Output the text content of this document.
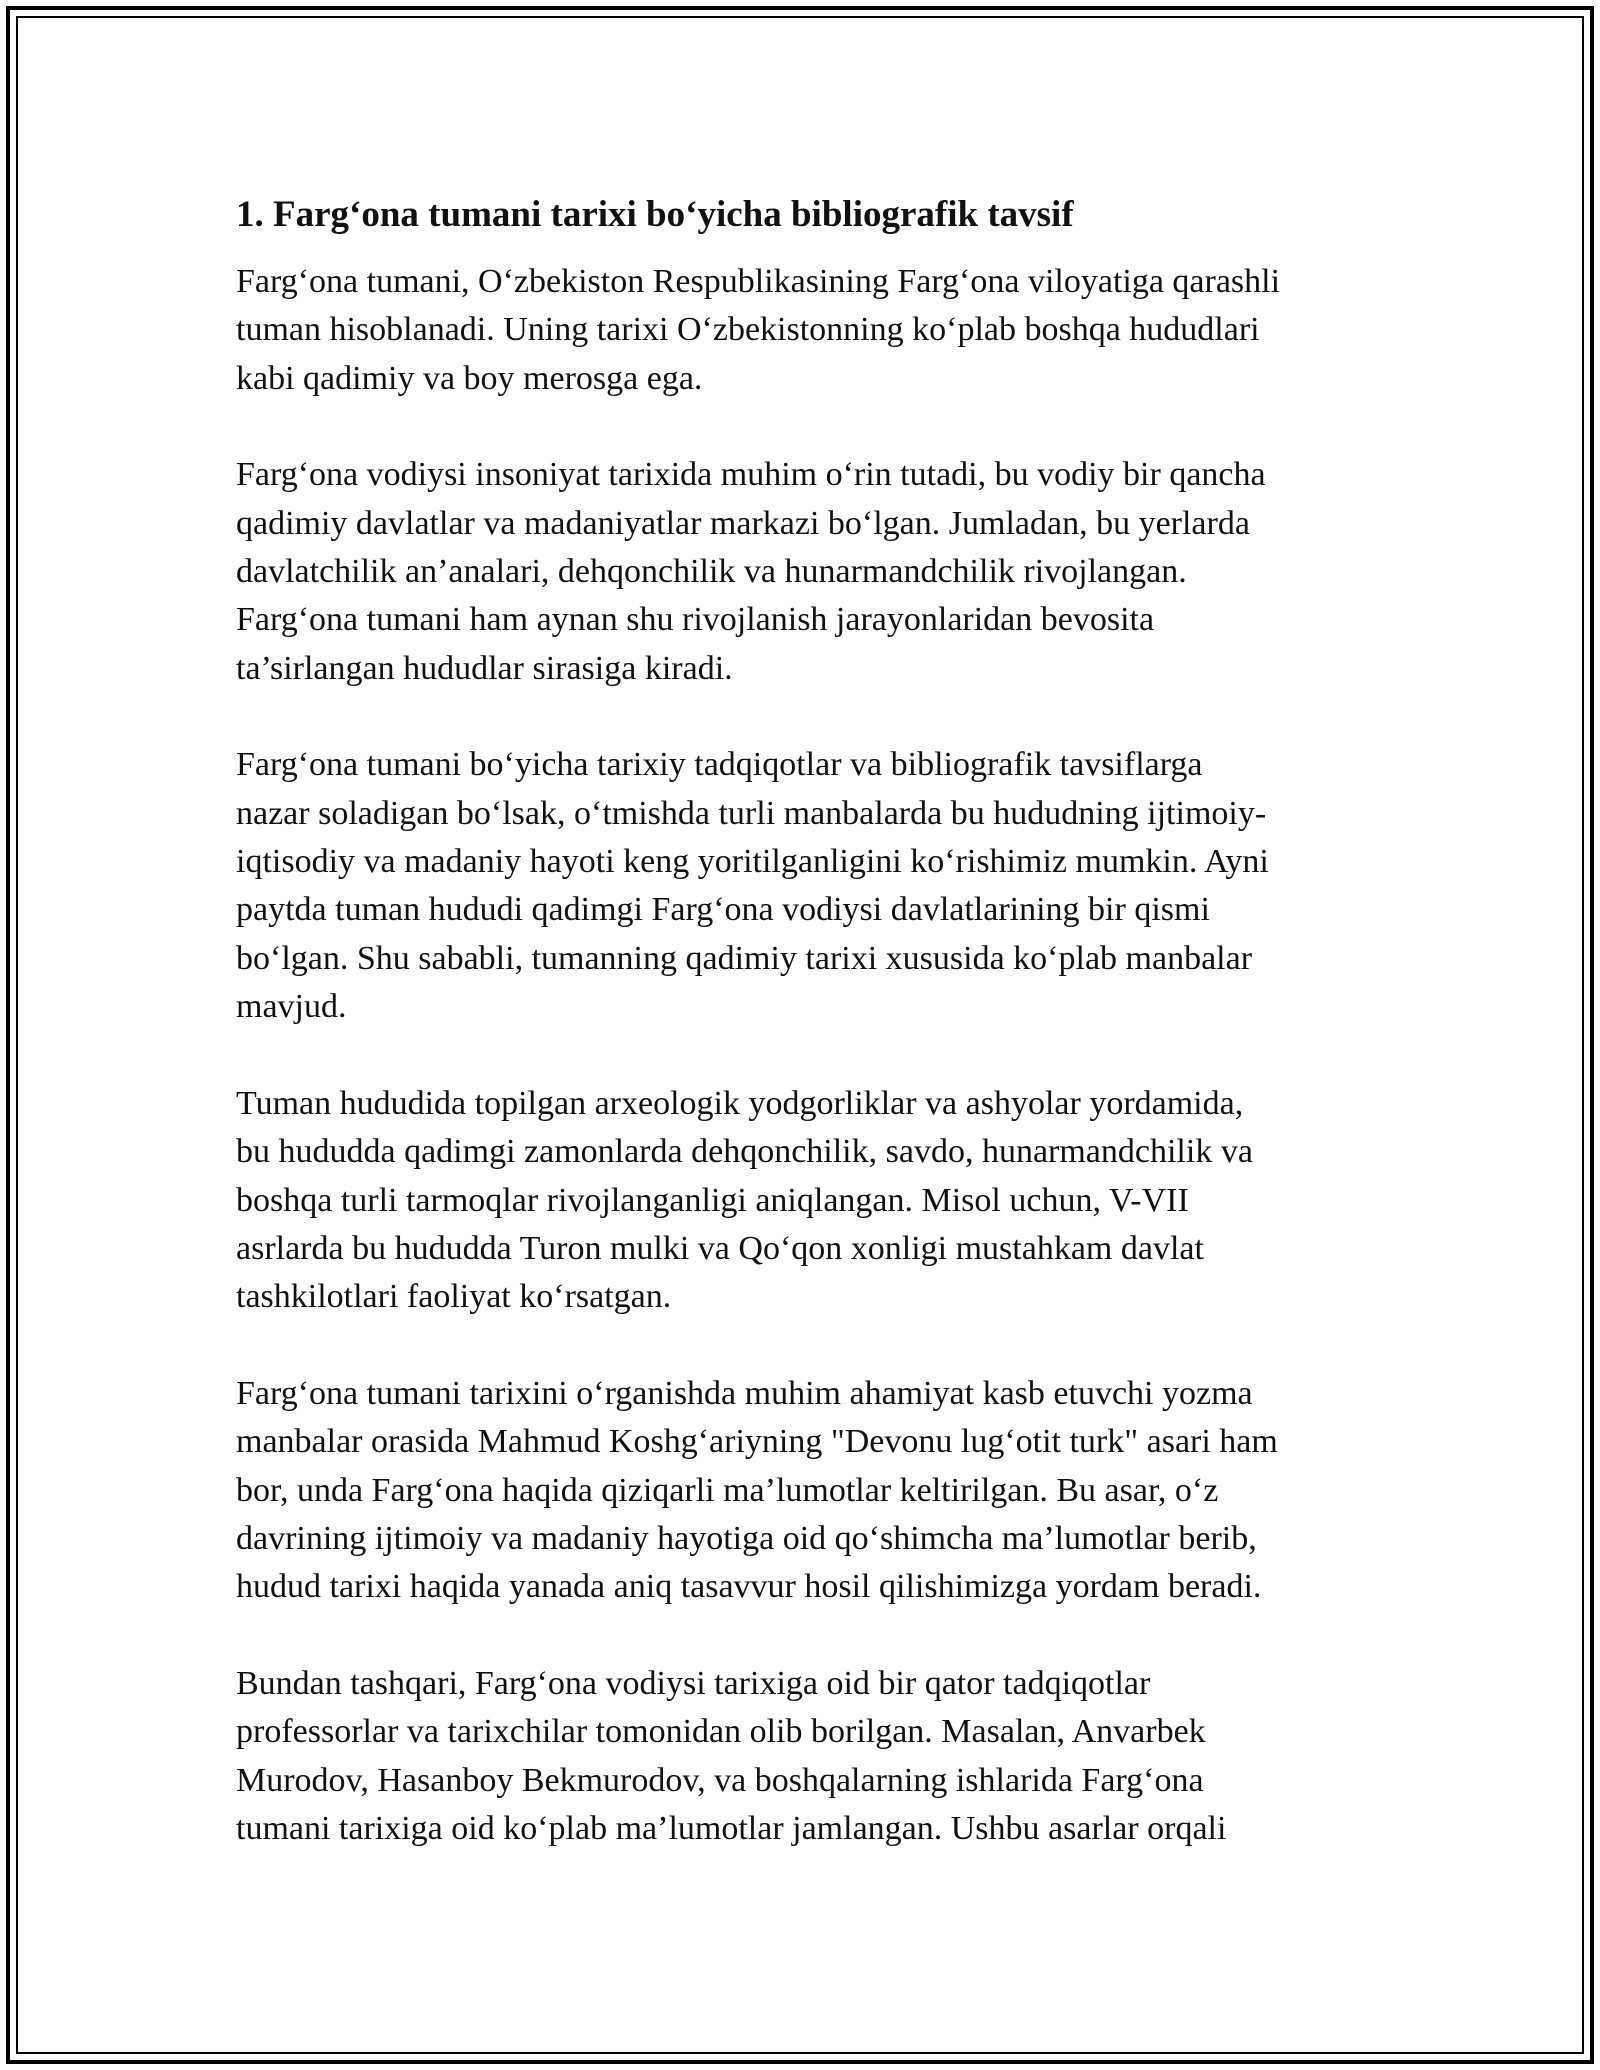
1. Farg‘ona tumani tarixi bo‘yicha bibliografik tavsif
Farg‘ona tumani, O‘zbekiston Respublikasining Farg‘ona viloyatiga qarashli
tuman hisoblanadi. Uning tarixi O‘zbekistonning ko‘plab boshqa hududlari
kabi qadimiy va boy merosga ega.
Farg‘ona vodiysi insoniyat tarixida muhim o‘rin tutadi, bu vodiy bir qancha
qadimiy davlatlar va madaniyatlar markazi bo‘lgan. Jumladan, bu yerlarda
davlatchilik an’analari, dehqonchilik va hunarmandchilik rivojlangan.
Farg‘ona tumani ham aynan shu rivojlanish jarayonlaridan bevosita
ta’sirlangan hududlar sirasiga kiradi.
Farg‘ona tumani bo‘yicha tarixiy tadqiqotlar va bibliografik tavsiflarga
nazar soladigan bo‘lsak, o‘tmishda turli manbalarda bu hududning ijtimoiy-
iqtisodiy va madaniy hayoti keng yoritilganligini ko‘rishimiz mumkin. Ayni
paytda tuman hududi qadimgi Farg‘ona vodiysi davlatlarining bir qismi
bo‘lgan. Shu sababli, tumanning qadimiy tarixi xususida ko‘plab manbalar
mavjud.
Tuman hududida topilgan arxeologik yodgorliklar va ashyolar yordamida,
bu hududda qadimgi zamonlarda dehqonchilik, savdo, hunarmandchilik va
boshqa turli tarmoqlar rivojlanganligi aniqlangan. Misol uchun, V-VII
asrlarda bu hududda Turon mulki va Qo‘qon xonligi mustahkam davlat
tashkilotlari faoliyat ko‘rsatgan.
Farg‘ona tumani tarixini o‘rganishda muhim ahamiyat kasb etuvchi yozma
manbalar orasida Mahmud Koshg‘ariyning "Devonu lug‘otit turk" asari ham
bor, unda Farg‘ona haqida qiziqarli ma’lumotlar keltirilgan. Bu asar, o‘z
davrining ijtimoiy va madaniy hayotiga oid qo‘shimcha ma’lumotlar berib,
hudud tarixi haqida yanada aniq tasavvur hosil qilishimizga yordam beradi.
Bundan tashqari, Farg‘ona vodiysi tarixiga oid bir qator tadqiqotlar
professorlar va tarixchilar tomonidan olib borilgan. Masalan, Anvarbek
Murodov, Hasanboy Bekmurodov, va boshqalarning ishlarida Farg‘ona
tumani tarixiga oid ko‘plab ma’lumotlar jamlangan. Ushbu asarlar orqali
